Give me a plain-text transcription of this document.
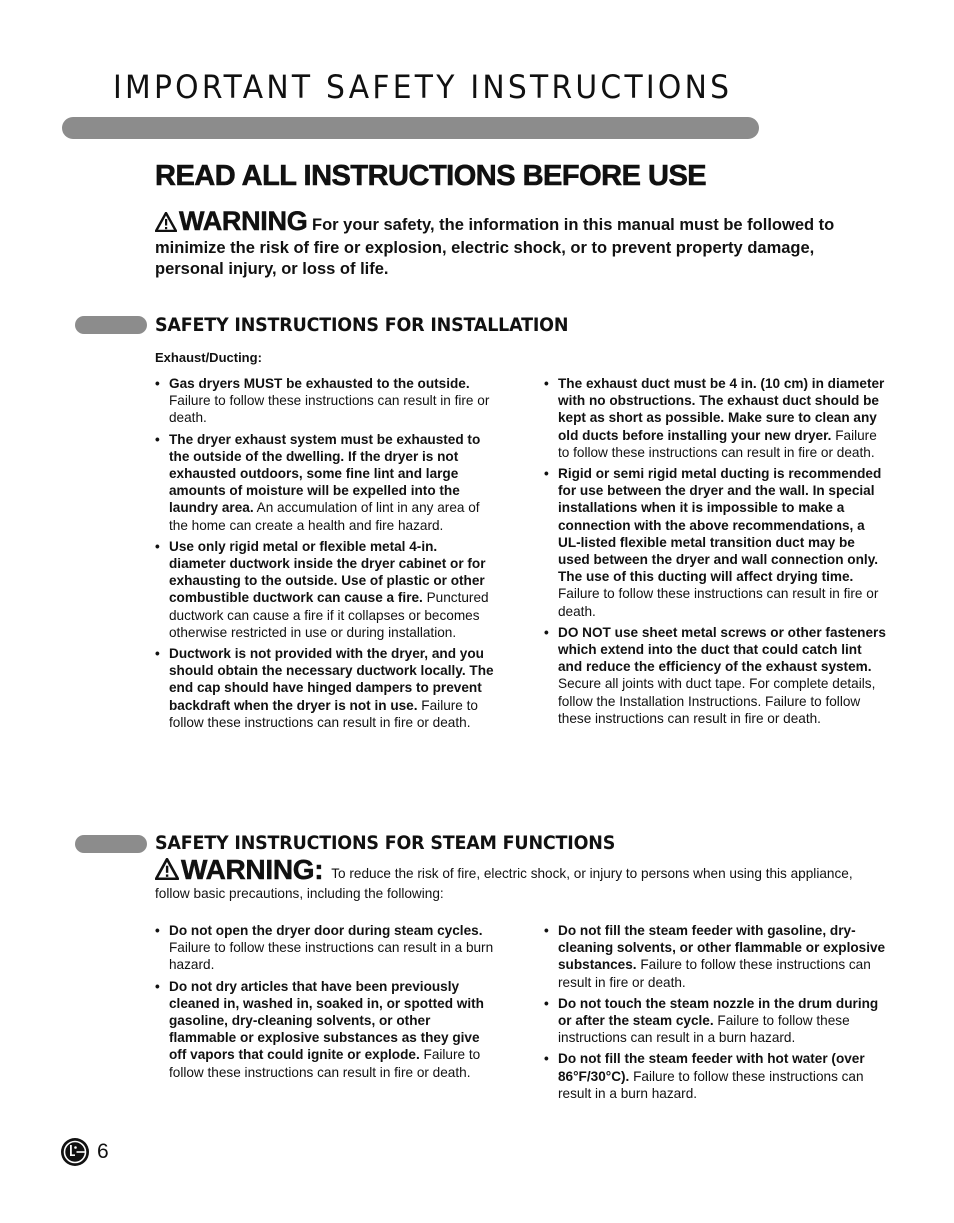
IMPORTANT SAFETY INSTRUCTIONS
READ ALL INSTRUCTIONS BEFORE USE
WARNING For your safety, the information in this manual must be followed to minimize the risk of fire or explosion, electric shock, or to prevent property damage, personal injury, or loss of life.
SAFETY INSTRUCTIONS FOR INSTALLATION

Exhaust/Ducting:

• Gas dryers MUST be exhausted to the outside. Failure to follow these instructions can result in fire or death.
• The dryer exhaust system must be exhausted to the outside of the dwelling. If the dryer is not exhausted outdoors, some fine lint and large amounts of moisture will be expelled into the laundry area. An accumulation of lint in any area of the home can create a health and fire hazard.
• Use only rigid metal or flexible metal 4-in. diameter ductwork inside the dryer cabinet or for exhausting to the outside. Use of plastic or other combustible ductwork can cause a fire. Punctured ductwork can cause a fire if it collapses or becomes otherwise restricted in use or during installation.
• Ductwork is not provided with the dryer, and you should obtain the necessary ductwork locally. The end cap should have hinged dampers to prevent backdraft when the dryer is not in use. Failure to follow these instructions can result in fire or death.
• The exhaust duct must be 4 in. (10 cm) in diameter with no obstructions. The exhaust duct should be kept as short as possible. Make sure to clean any old ducts before installing your new dryer. Failure to follow these instructions can result in fire or death.
• Rigid or semi rigid metal ducting is recommended for use between the dryer and the wall. In special installations when it is impossible to make a connection with the above recommendations, a UL-listed flexible metal transition duct may be used between the dryer and wall connection only. The use of this ducting will affect drying time. Failure to follow these instructions can result in fire or death.
• DO NOT use sheet metal screws or other fasteners which extend into the duct that could catch lint and reduce the efficiency of the exhaust system. Secure all joints with duct tape. For complete details, follow the Installation Instructions. Failure to follow these instructions can result in fire or death.
SAFETY INSTRUCTIONS FOR STEAM FUNCTIONS
WARNING: To reduce the risk of fire, electric shock, or injury to persons when using this appliance, follow basic precautions, including the following:
• Do not open the dryer door during steam cycles. Failure to follow these instructions can result in a burn hazard.
• Do not dry articles that have been previously cleaned in, washed in, soaked in, or spotted with gasoline, dry-cleaning solvents, or other flammable or explosive substances as they give off vapors that could ignite or explode. Failure to follow these instructions can result in fire or death.
• Do not fill the steam feeder with gasoline, dry-cleaning solvents, or other flammable or explosive substances. Failure to follow these instructions can result in fire or death.
• Do not touch the steam nozzle in the drum during or after the steam cycle. Failure to follow these instructions can result in a burn hazard.
• Do not fill the steam feeder with hot water (over 86°F/30°C). Failure to follow these instructions can result in a burn hazard.
6
